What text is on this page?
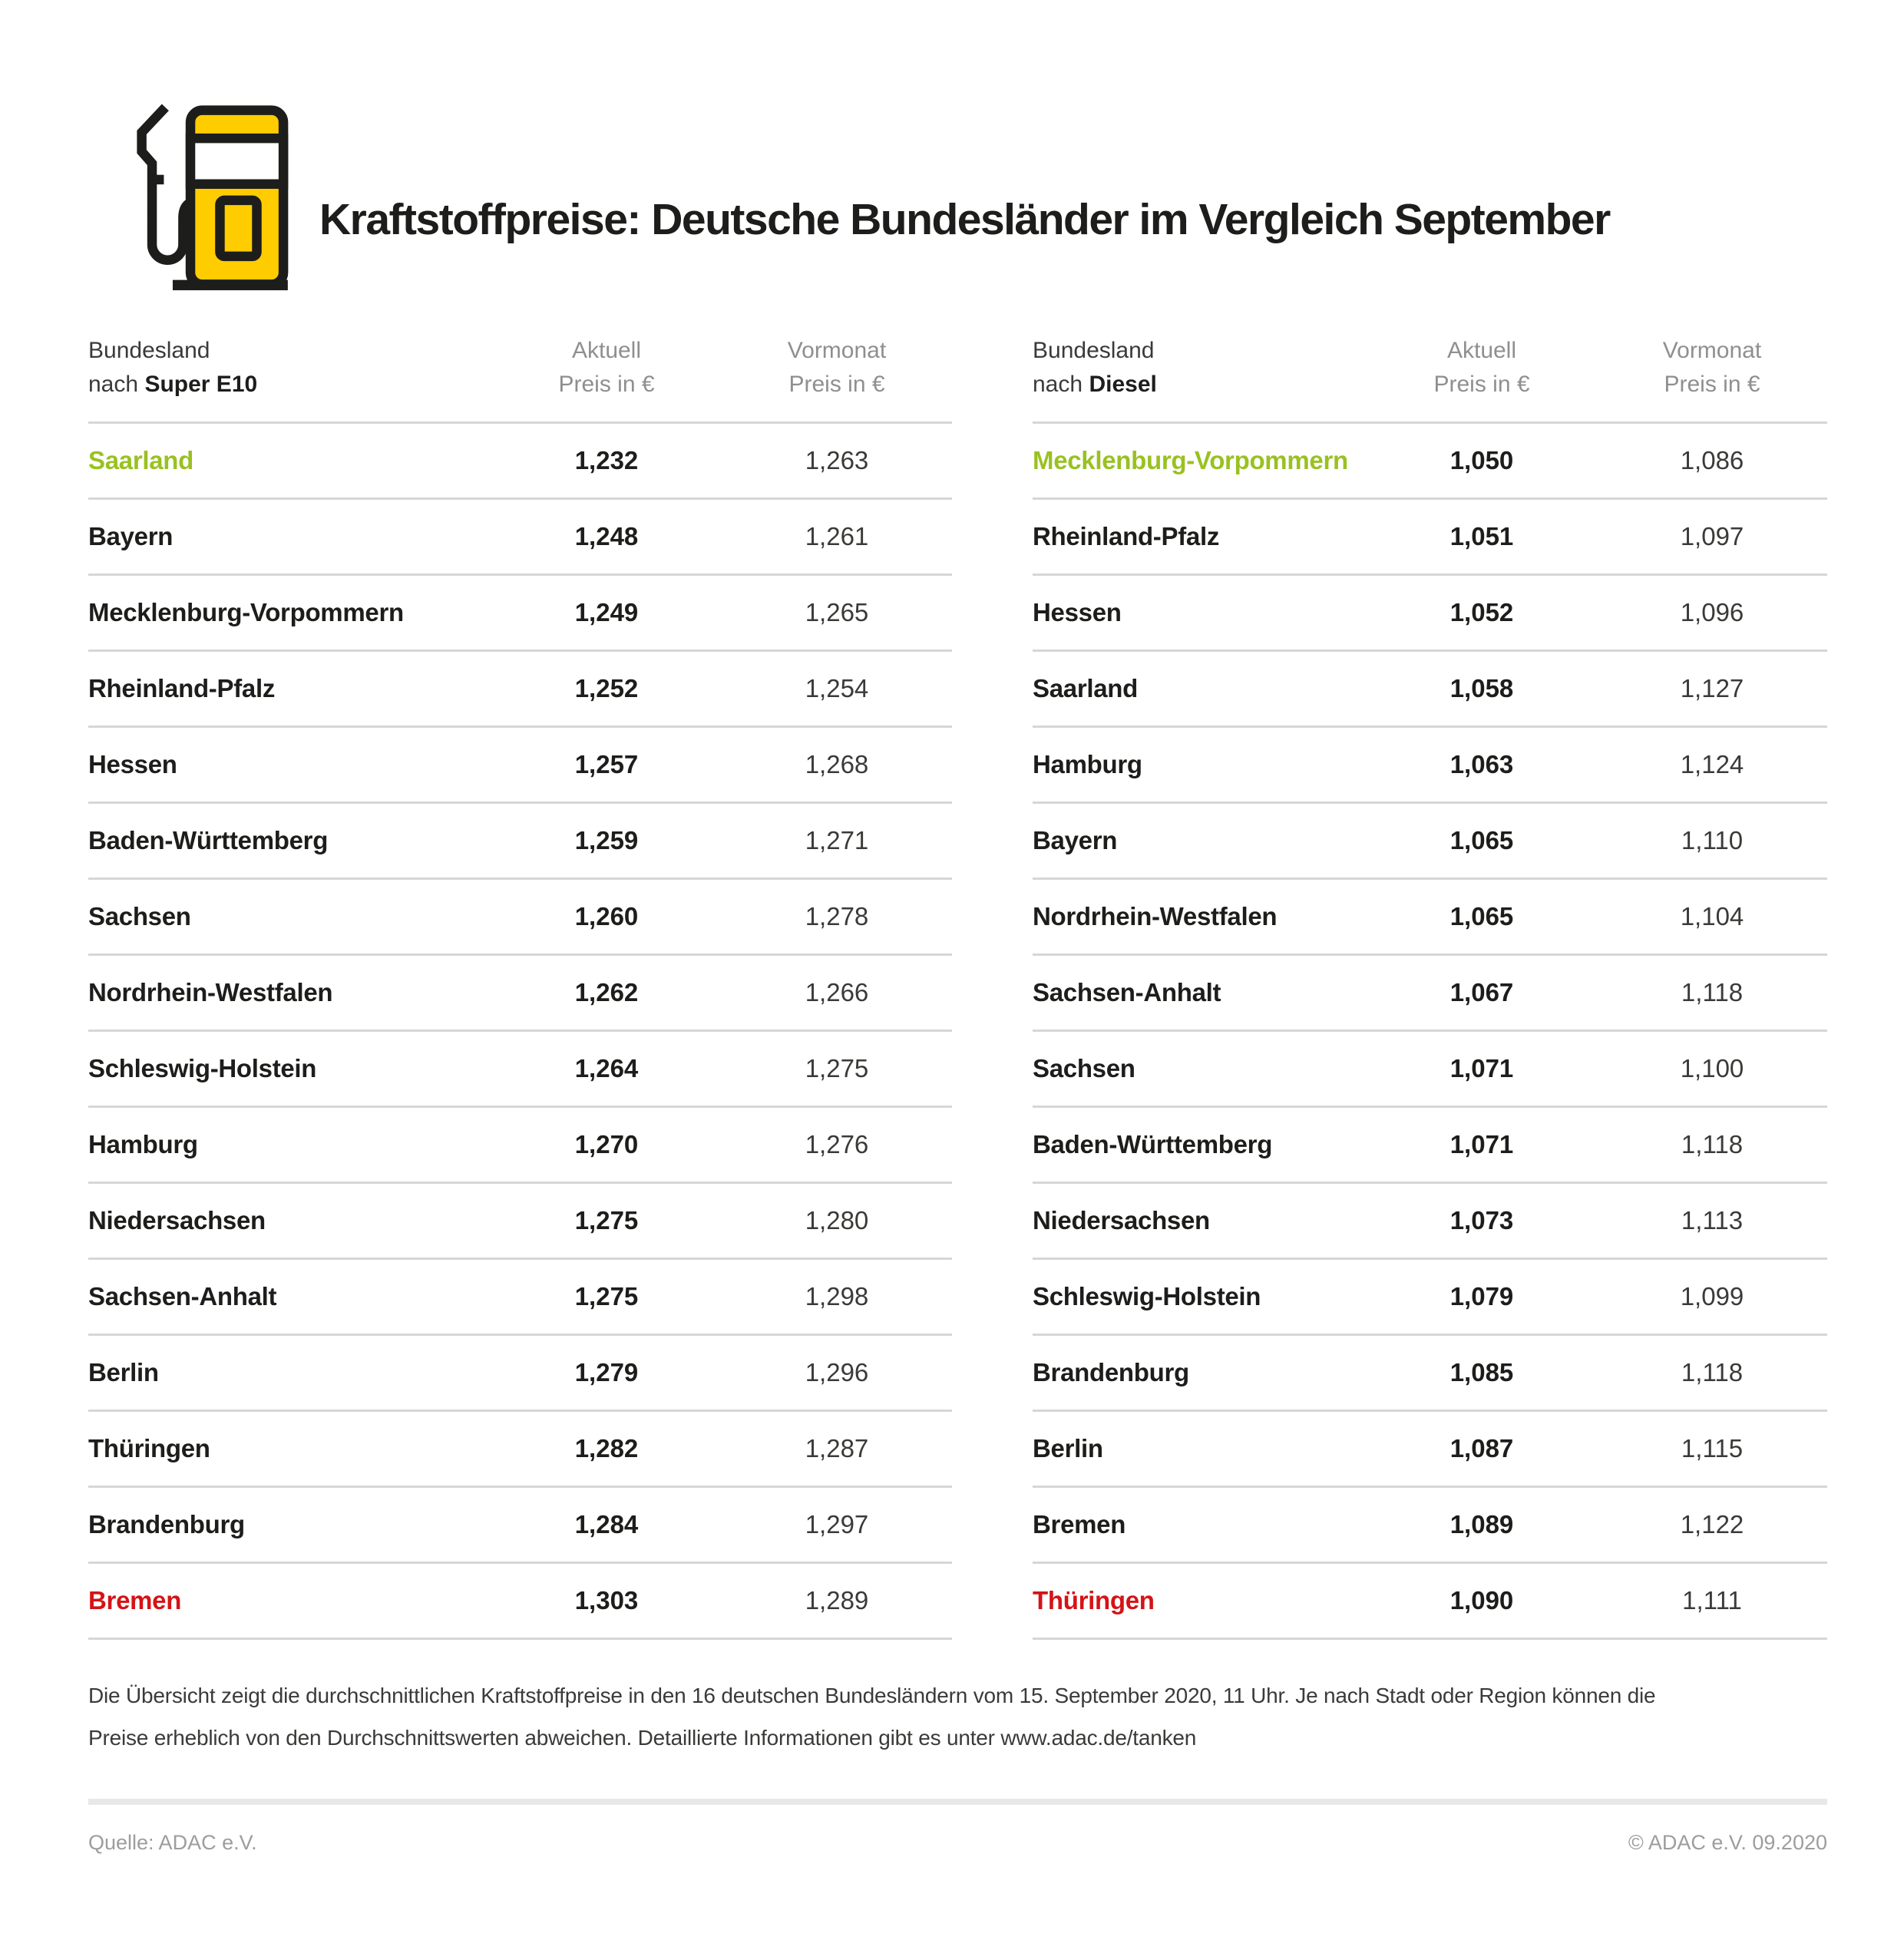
Kraftstoffpreise: Deutsche Bundesländer im Vergleich September
Bundesland
nach Super E10
Aktuell
Preis in €
Vormonat
Preis in €
Saarland	1,232	1,263
Bayern	1,248	1,261
Mecklenburg-Vorpommern	1,249	1,265
Rheinland-Pfalz	1,252	1,254
Hessen	1,257	1,268
Baden-Württemberg	1,259	1,271
Sachsen	1,260	1,278
Nordrhein-Westfalen	1,262	1,266
Schleswig-Holstein	1,264	1,275
Hamburg	1,270	1,276
Niedersachsen	1,275	1,280
Sachsen-Anhalt	1,275	1,298
Berlin	1,279	1,296
Thüringen	1,282	1,287
Brandenburg	1,284	1,297
Bremen	1,303	1,289
Bundesland
nach Diesel
Aktuell
Preis in €
Vormonat
Preis in €
Mecklenburg-Vorpommern	1,050	1,086
Rheinland-Pfalz	1,051	1,097
Hessen	1,052	1,096
Saarland	1,058	1,127
Hamburg	1,063	1,124
Bayern	1,065	1,110
Nordrhein-Westfalen	1,065	1,104
Sachsen-Anhalt	1,067	1,118
Sachsen	1,071	1,100
Baden-Württemberg	1,071	1,118
Niedersachsen	1,073	1,113
Schleswig-Holstein	1,079	1,099
Brandenburg	1,085	1,118
Berlin	1,087	1,115
Bremen	1,089	1,122
Thüringen	1,090	1,111
Die Übersicht zeigt die durchschnittlichen Kraftstoffpreise in den 16 deutschen Bundesländern vom 15. September 2020, 11 Uhr. Je nach Stadt oder Region können die
Preise erheblich von den Durchschnittswerten abweichen. Detaillierte Informationen gibt es unter www.adac.de/tanken
Quelle: ADAC e.V.	© ADAC e.V. 09.2020
